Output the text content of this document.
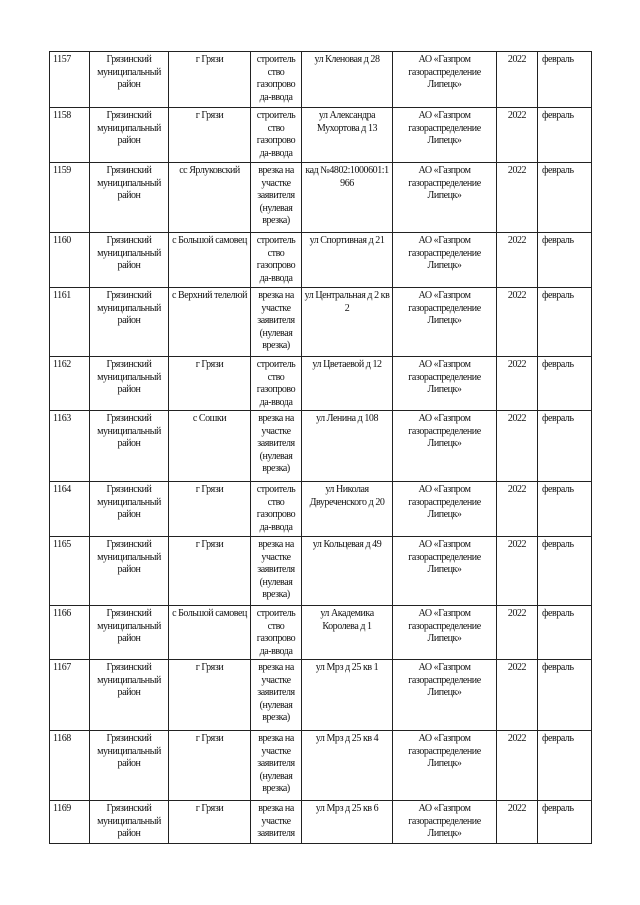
1157	Грязинский муниципальный район	г Грязи	строитель ство газопрово да-ввода	ул Кленовая д 28	АО «Газпром газораспределение Липецк»	2022	февраль
1158	Грязинский муниципальный район	г Грязи	строитель ство газопрово да-ввода	ул Александра Мухортова д 13	АО «Газпром газораспределение Липецк»	2022	февраль
1159	Грязинский муниципальный район	сс Ярлуковский	врезка на участке заявителя (нулевая врезка)	кад №4802:1000601:1 966	АО «Газпром газораспределение Липецк»	2022	февраль
1160	Грязинский муниципальный район	с Большой самовец	строитель ство газопрово да-ввода	ул Спортивная д 21	АО «Газпром газораспределение Липецк»	2022	февраль
1161	Грязинский муниципальный район	с Верхний телелюй	врезка на участке заявителя (нулевая врезка)	ул Центральная д 2 кв 2	АО «Газпром газораспределение Липецк»	2022	февраль
1162	Грязинский муниципальный район	г Грязи	строитель ство газопрово да-ввода	ул Цветаевой д 12	АО «Газпром газораспределение Липецк»	2022	февраль
1163	Грязинский муниципальный район	с Сошки	врезка на участке заявителя (нулевая врезка)	ул Ленина д 108	АО «Газпром газораспределение Липецк»	2022	февраль
1164	Грязинский муниципальный район	г Грязи	строитель ство газопрово да-ввода	ул Николая Двуреченского д 20	АО «Газпром газораспределение Липецк»	2022	февраль
1165	Грязинский муниципальный район	г Грязи	врезка на участке заявителя (нулевая врезка)	ул Кольцевая д 49	АО «Газпром газораспределение Липецк»	2022	февраль
1166	Грязинский муниципальный район	с Большой самовец	строитель ство газопрово да-ввода	ул Академика Королева д 1	АО «Газпром газораспределение Липецк»	2022	февраль
1167	Грязинский муниципальный район	г Грязи	врезка на участке заявителя (нулевая врезка)	ул Мрз д 25 кв 1	АО «Газпром газораспределение Липецк»	2022	февраль
1168	Грязинский муниципальный район	г Грязи	врезка на участке заявителя (нулевая врезка)	ул Мрз д 25 кв 4	АО «Газпром газораспределение Липецк»	2022	февраль
1169	Грязинский муниципальный район	г Грязи	врезка на участке заявителя	ул Мрз д 25 кв 6	АО «Газпром газораспределение Липецк»	2022	февраль
